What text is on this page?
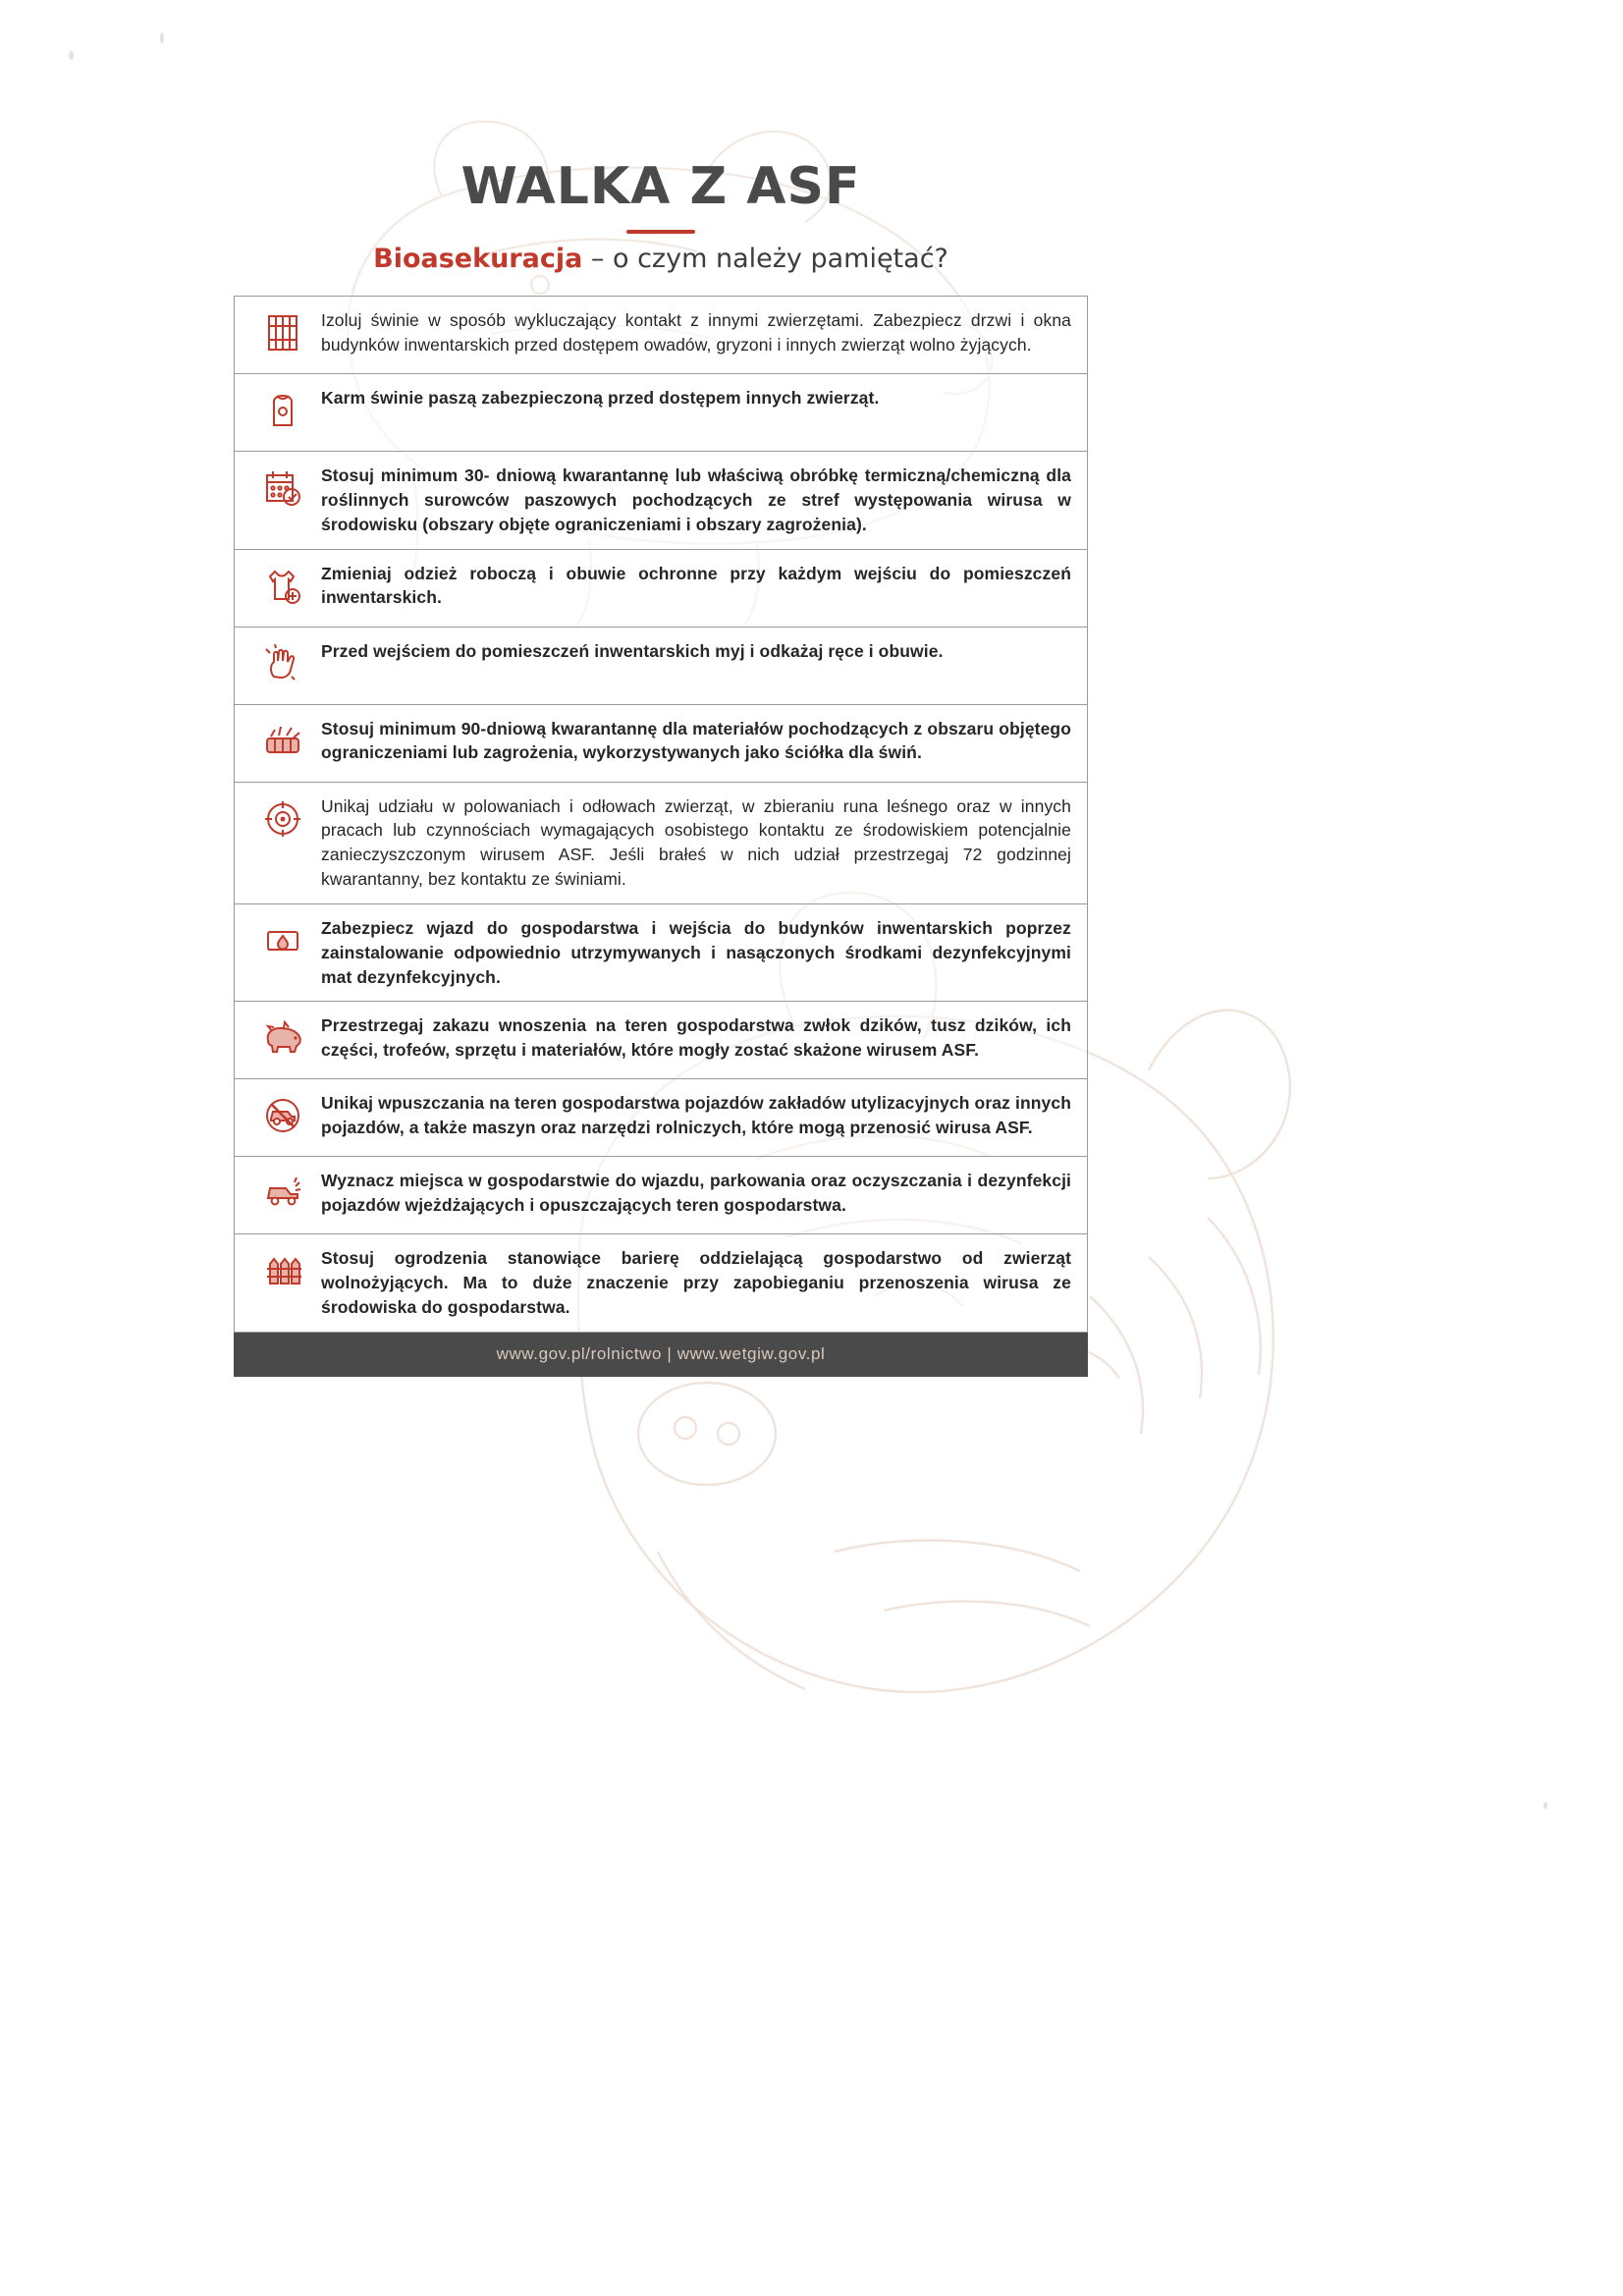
WALKA Z ASF
Bioasekuracja – o czym należy pamiętać?
Izoluj świnie w sposób wykluczający kontakt z innymi zwierzętami. Zabezpiecz drzwi i okna budynków inwentarskich przed dostępem owadów, gryzoni i innych zwierząt wolno żyjących.
Karm świnie paszą zabezpieczoną przed dostępem innych zwierząt.
Stosuj minimum 30- dniową kwarantannę lub właściwą obróbkę termiczną/chemiczną dla roślinnych surowców paszowych pochodzących ze stref występowania wirusa w środowisku (obszary objęte ograniczeniami i obszary zagrożenia).
Zmieniaj odzież roboczą i obuwie ochronne przy każdym wejściu do pomieszczeń inwentarskich.
Przed wejściem do pomieszczeń inwentarskich myj i odkażaj ręce i obuwie.
Stosuj minimum 90-dniową kwarantannę dla materiałów pochodzących z obszaru objętego ograniczeniami lub zagrożenia, wykorzystywanych jako ściółka dla świń.
Unikaj udziału w polowaniach i odłowach zwierząt, w zbieraniu runa leśnego oraz w innych pracach lub czynnościach wymagających osobistego kontaktu ze środowiskiem potencjalnie zanieczyszczonym wirusem ASF. Jeśli brałeś w nich udział przestrzegaj 72 godzinnej kwarantanny, bez kontaktu ze świniami.
Zabezpiecz wjazd do gospodarstwa i wejścia do budynków inwentarskich poprzez zainstalowanie odpowiednio utrzymywanych i nasączonych środkami dezynfekcyjnymi mat dezynfekcyjnych.
Przestrzegaj zakazu wnoszenia na teren gospodarstwa zwłok dzików, tusz dzików, ich części, trofeów, sprzętu i materiałów, które mogły zostać skażone wirusem ASF.
Unikaj wpuszczania na teren gospodarstwa pojazdów zakładów utylizacyjnych oraz innych pojazdów, a także maszyn oraz narzędzi rolniczych, które mogą przenosić wirusa ASF.
Wyznacz miejsca w gospodarstwie do wjazdu, parkowania oraz oczyszczania i dezynfekcji pojazdów wjeżdżających i opuszczających teren gospodarstwa.
Stosuj ogrodzenia stanowiące barierę oddzielającą gospodarstwo od zwierząt wolnożyjących. Ma to duże znaczenie przy zapobieganiu przenoszenia wirusa ze środowiska do gospodarstwa.
www.gov.pl/rolnictwo | www.wetgiw.gov.pl
